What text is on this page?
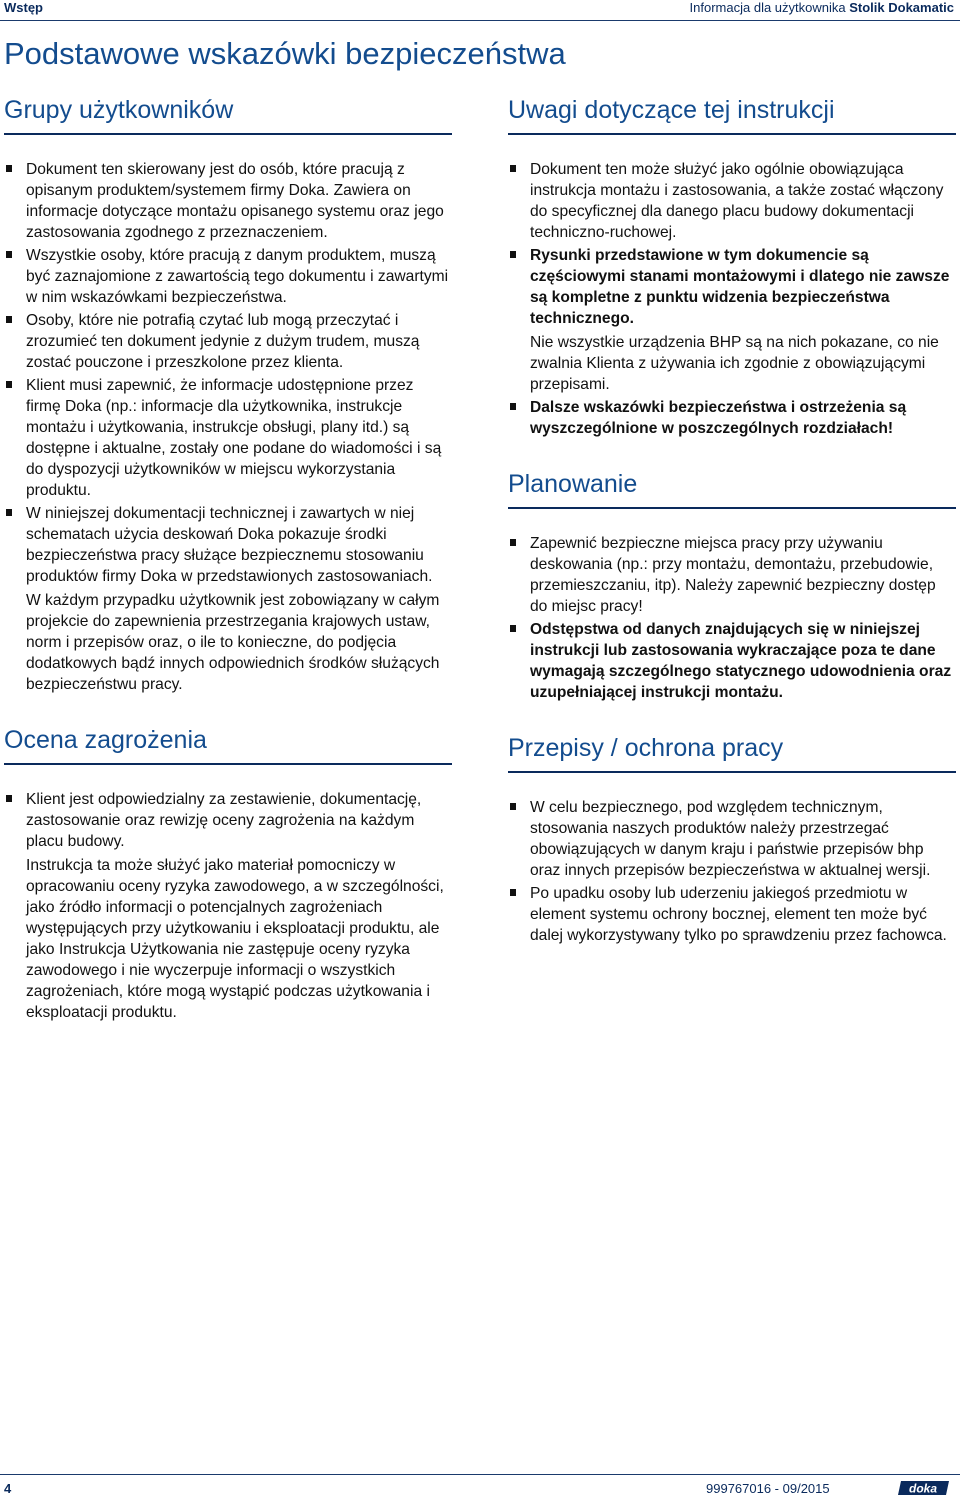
Wstęp	Informacja dla użytkownika Stolik Dokamatic
Podstawowe wskazówki bezpieczeństwa
Grupy użytkowników

Dokument ten skierowany jest do osób, które pracują z opisanym produktem/systemem firmy Doka. Zawiera on informacje dotyczące montażu opisanego systemu oraz jego zastosowania zgodnego z przeznaczeniem.

Wszystkie osoby, które pracują z danym produktem, muszą być zaznajomione z zawartością tego dokumentu i zawartymi w nim wskazówkami bezpieczeństwa.

Osoby, które nie potrafią czytać lub mogą przeczytać i zrozumieć ten dokument jedynie z dużym trudem, muszą zostać pouczone i przeszkolone przez klienta.

Klient musi zapewnić, że informacje udostępnione przez firmę Doka (np.: informacje dla użytkownika, instrukcje montażu i użytkowania, instrukcje obsługi, plany itd.) są dostępne i aktualne, zostały one podane do wiadomości i są do dyspozycji użytkowników w miejscu wykorzystania produktu.

W niniejszej dokumentacji technicznej i zawartych w niej schematach użycia deskowań Doka pokazuje środki bezpieczeństwa pracy służące bezpiecznemu stosowaniu produktów firmy Doka w przedstawionych zastosowaniach.

W każdym przypadku użytkownik jest zobowiązany w całym projekcie do zapewnienia przestrzegania krajowych ustaw, norm i przepisów oraz, o ile to konieczne, do podjęcia dodatkowych bądź innych odpowiednich środków służących bezpieczeństwu pracy.

Ocena zagrożenia

Klient jest odpowiedzialny za zestawienie, dokumentację, zastosowanie oraz rewizję oceny zagrożenia na każdym placu budowy.

Instrukcja ta może służyć jako materiał pomocniczy w opracowaniu oceny ryzyka zawodowego, a w szczególności, jako źródło informacji o potencjalnych zagrożeniach występujących przy użytkowaniu i eksploatacji produktu, ale jako Instrukcja Użytkowania nie zastępuje oceny ryzyka zawodowego i nie wyczerpuje informacji o wszystkich zagrożeniach, które mogą wystąpić podczas użytkowania i eksploatacji produktu.

Uwagi dotyczące tej instrukcji

Dokument ten może służyć jako ogólnie obowiązująca instrukcja montażu i zastosowania, a także zostać włączony do specyficznej dla danego placu budowy dokumentacji techniczno-ruchowej.

Rysunki przedstawione w tym dokumencie są częściowymi stanami montażowymi i dlatego nie zawsze są kompletne z punktu widzenia bezpieczeństwa technicznego.

Nie wszystkie urządzenia BHP są na nich pokazane, co nie zwalnia Klienta z używania ich zgodnie z obowiązującymi przepisami.

Dalsze wskazówki bezpieczeństwa i ostrzeżenia są wyszczególnione w poszczególnych rozdziałach!

Planowanie

Zapewnić bezpieczne miejsca pracy przy używaniu deskowania (np.: przy montażu, demontażu, przebudowie, przemieszczaniu, itp). Należy zapewnić bezpieczny dostęp do miejsc pracy!

Odstępstwa od danych znajdujących się w niniejszej instrukcji lub zastosowania wykraczające poza te dane wymagają szczególnego statycznego udowodnienia oraz uzupełniającej instrukcji montażu.

Przepisy / ochrona pracy

W celu bezpiecznego, pod względem technicznym, stosowania naszych produktów należy przestrzegać obowiązujących w danym kraju i państwie przepisów bhp oraz innych przepisów bezpieczeństwa w aktualnej wersji.

Po upadku osoby lub uderzeniu jakiegoś przedmiotu w element systemu ochrony bocznej, element ten może być dalej wykorzystywany tylko po sprawdzeniu przez fachowca.

4	999767016 - 09/2015	doka
